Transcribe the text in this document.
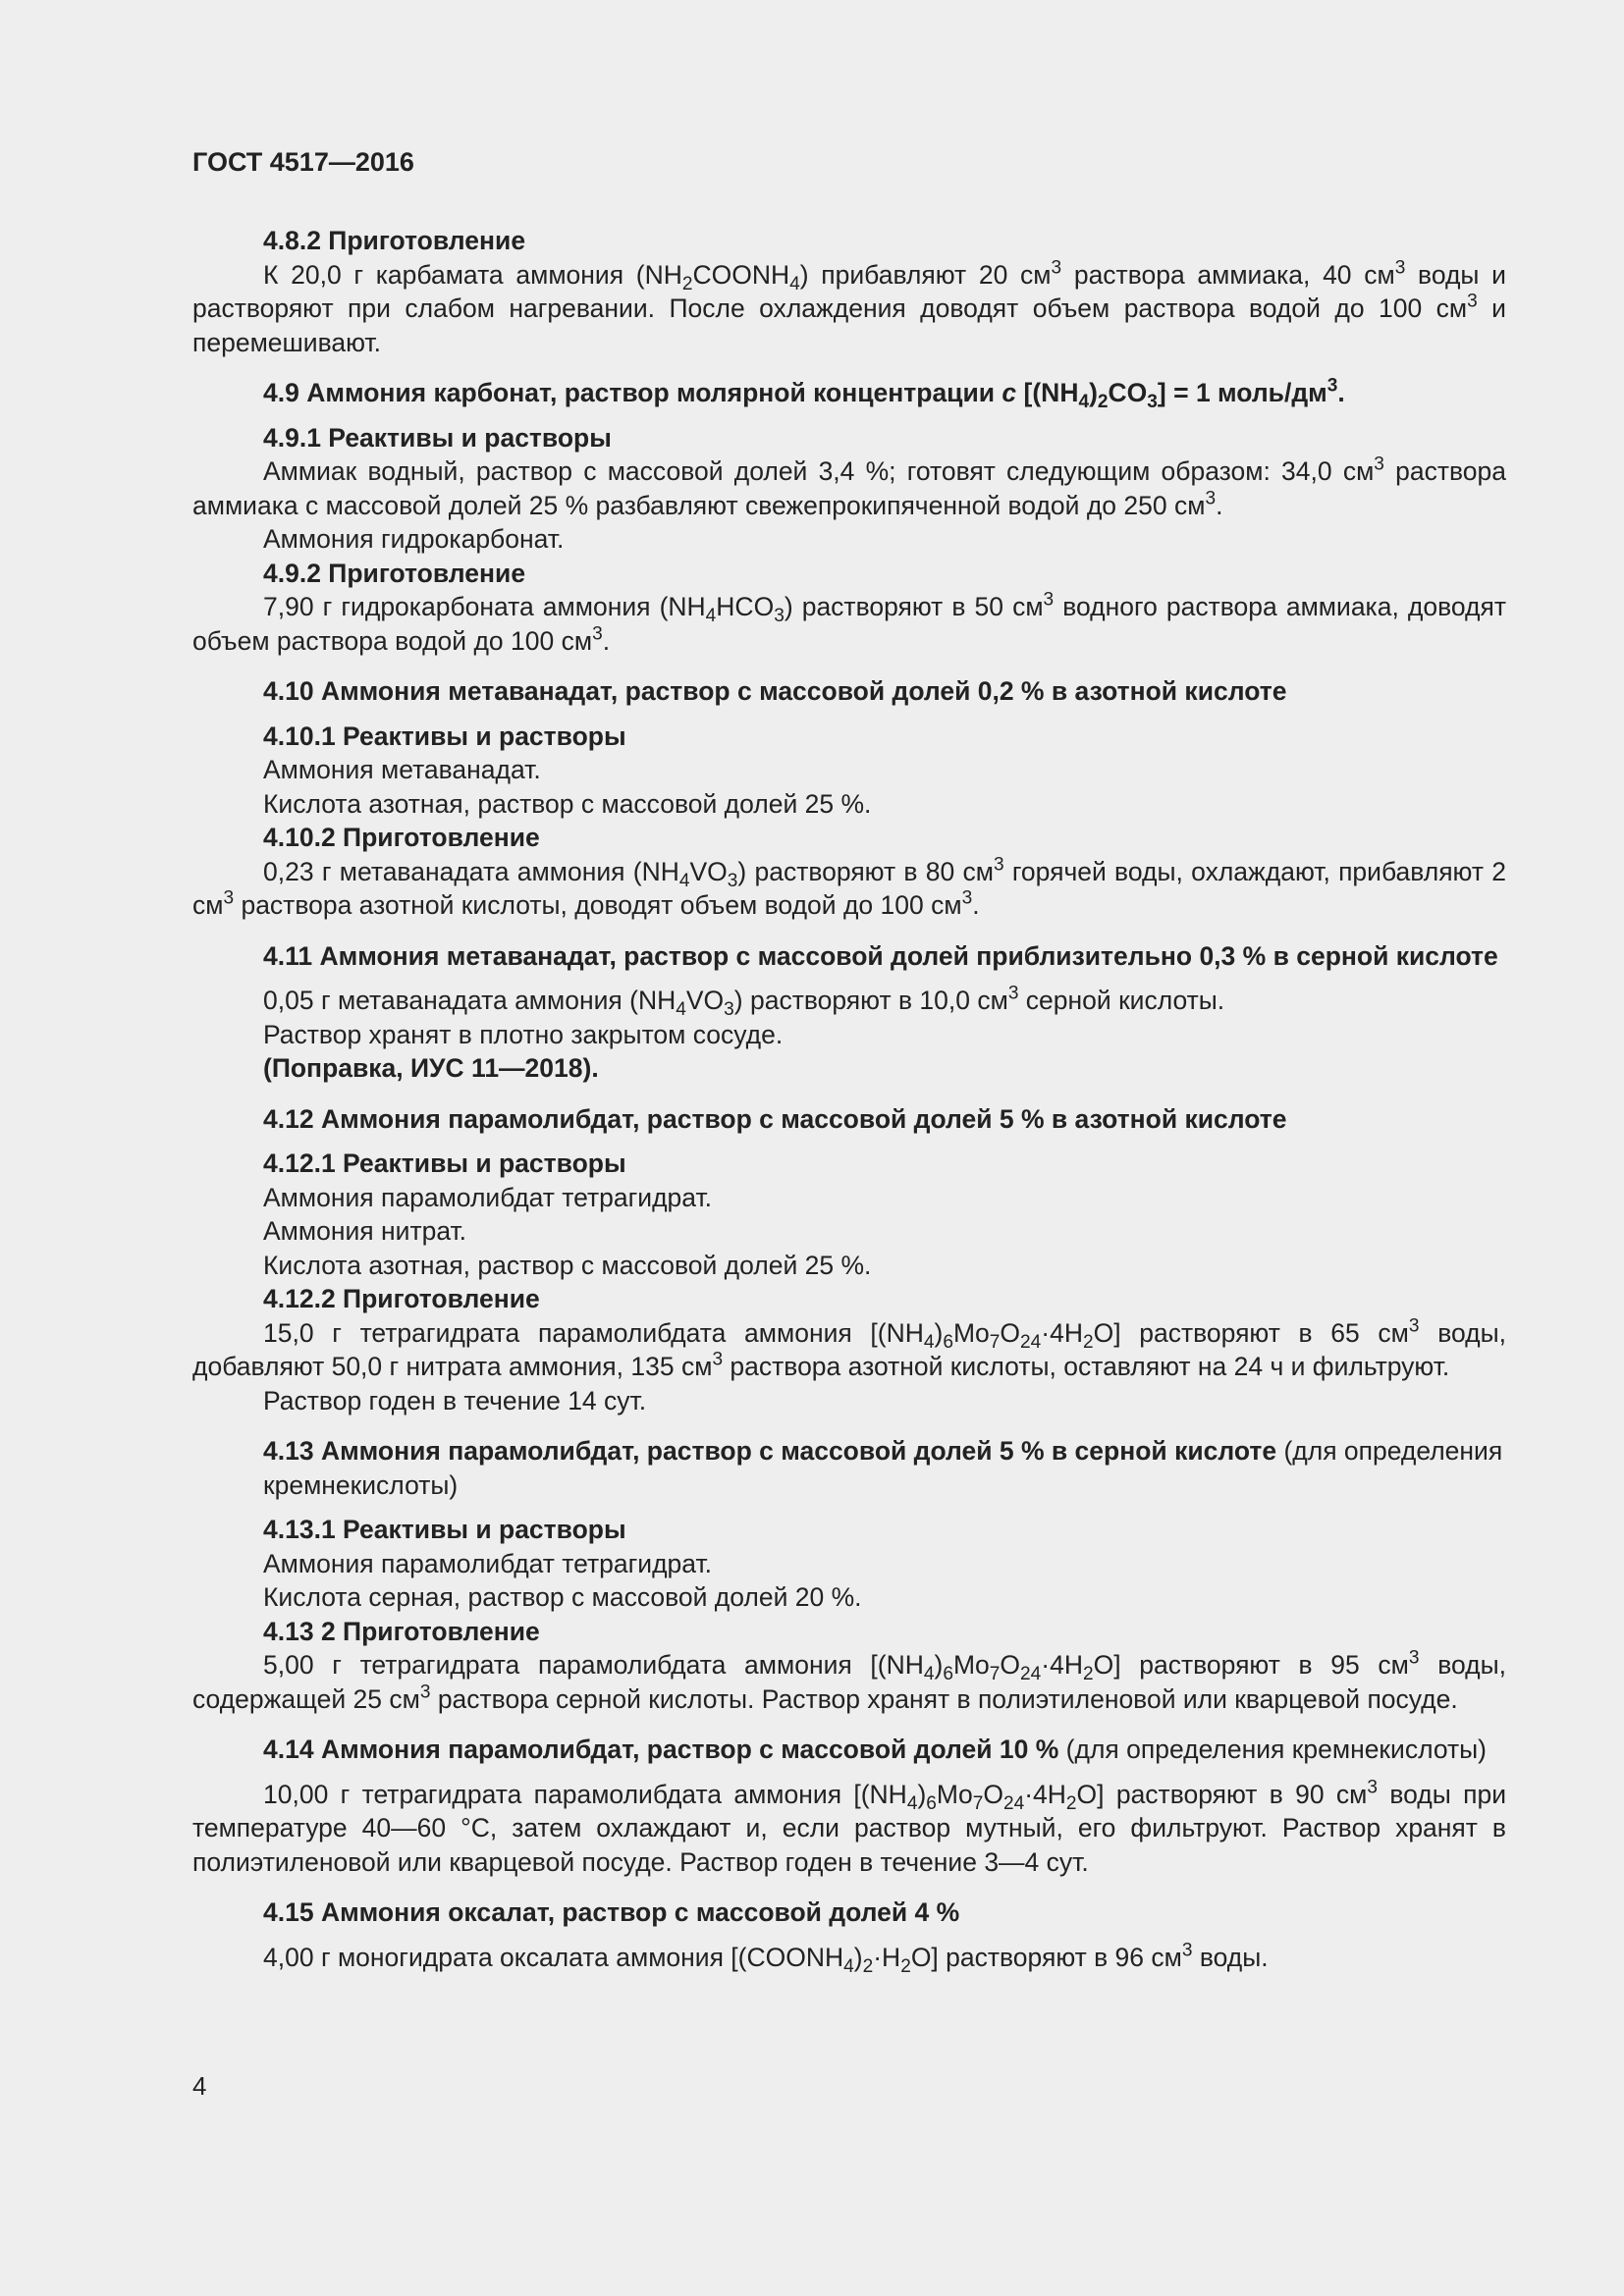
ГОСТ 4517—2016

4.8.2 Приготовление

К 20,0 г карбамата аммония $(NH_2COONH_4)$ прибавляют 20 $см^3$ раствора аммиака, 40 $см^3$ воды и растворяют при слабом нагревании. После охлаждения доводят объем раствора водой до 100 $см^3$ и перемешивают.

4.9 Аммония карбонат, раствор молярной концентрации c $[(NH_4)_2CO_3] = 1$ моль/$дм^3$.

4.9.1 Реактивы и растворы

Аммиак водный, раствор с массовой долей 3,4 %; готовят следующим образом: 34,0 $см^3$ раствора аммиака с массовой долей 25 % разбавляют свежепрокипяченной водой до 250 $см^3$.

Аммония гидрокарбонат.

4.9.2 Приготовление

7,90 г гидрокарбоната аммония $(NH_4HCO_3)$ растворяют в 50 $см^3$ водного раствора аммиака, доводят объем раствора водой до 100 $см^3$.

4.10 Аммония метаванадат, раствор с массовой долей 0,2 % в азотной кислоте

4.10.1 Реактивы и растворы

Аммония метаванадат.

Кислота азотная, раствор с массовой долей 25 %.

4.10.2 Приготовление

0,23 г метаванадата аммония $(NH_4VO_3)$ растворяют в 80 $см^3$ горячей воды, охлаждают, прибавляют 2 $см^3$ раствора азотной кислоты, доводят объем водой до 100 $см^3$.

4.11 Аммония метаванадат, раствор с массовой долей приблизительно 0,3 % в серной кислоте

0,05 г метаванадата аммония $(NH_4VO_3)$ растворяют в 10,0 $см^3$ серной кислоты.

Раствор хранят в плотно закрытом сосуде.

(Поправка, ИУС 11—2018).

4.12 Аммония парамолибдат, раствор с массовой долей 5 % в азотной кислоте

4.12.1 Реактивы и растворы

Аммония парамолибдат тетрагидрат.

Аммония нитрат.

Кислота азотная, раствор с массовой долей 25 %.

4.12.2 Приготовление

15,0 г тетрагидрата парамолибдата аммония $[(NH_4)_6Mo_7O_{24}\cdot 4H_2O]$ растворяют в 65 $см^3$ воды, добавляют 50,0 г нитрата аммония, 135 $см^3$ раствора азотной кислоты, оставляют на 24 ч и фильтруют.

Раствор годен в течение 14 сут.

4.13 Аммония парамолибдат, раствор с массовой долей 5 % в серной кислоте (для определения

кремнекислоты)

4.13.1 Реактивы и растворы

Аммония парамолибдат тетрагидрат.

Кислота серная, раствор с массовой долей 20 %.

4.13 2 Приготовление

5,00 г тетрагидрата парамолибдата аммония $[(NH_4)_6Mo_7O_{24}\cdot 4H_2O]$ растворяют в 95 $см^3$ воды, содержащей 25 $см^3$ раствора серной кислоты. Раствор хранят в полиэтиленовой или кварцевой посуде.

4.14 Аммония парамолибдат, раствор с массовой долей 10 % (для определения кремнекислоты)

10,00 г тетрагидрата парамолибдата аммония $[(NH_4)_6Mo_7O_{24}\cdot 4H_2O]$ растворяют в 90 $см^3$ воды при температуре 40—60 °С, затем охлаждают и, если раствор мутный, его фильтруют. Раствор хранят в полиэтиленовой или кварцевой посуде. Раствор годен в течение 3—4 сут.

4.15 Аммония оксалат, раствор с массовой долей 4 %

4,00 г моногидрата оксалата аммония $[(COONH_4)_2\cdot H_2O]$ растворяют в 96 $см^3$ воды.

4
